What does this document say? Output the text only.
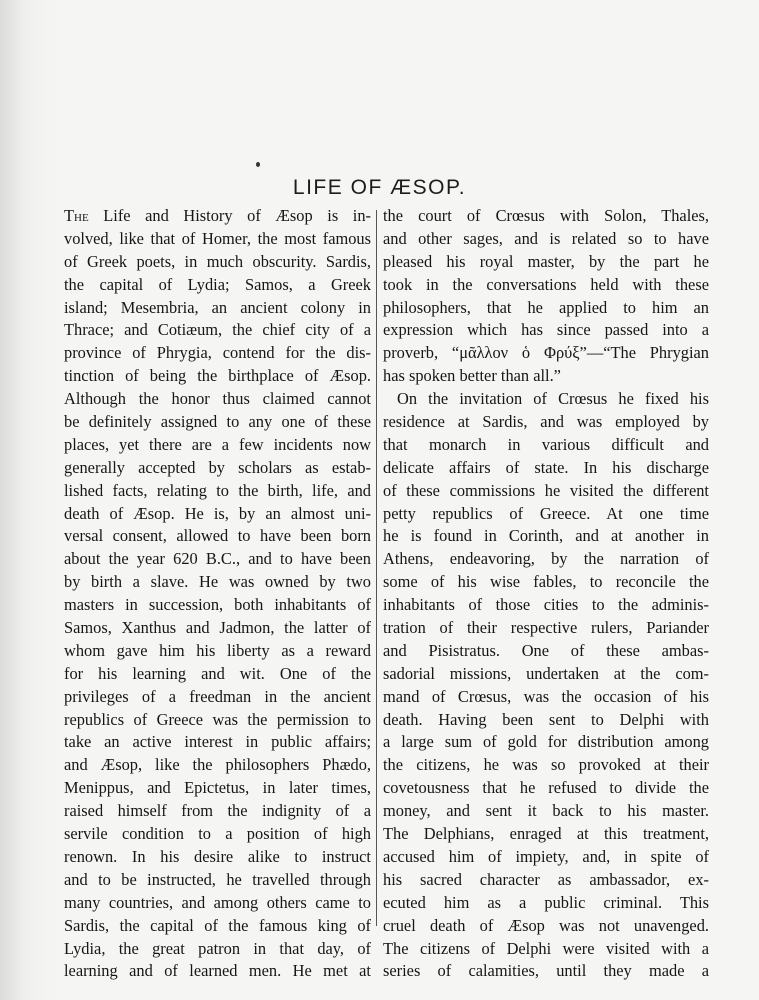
LIFE OF ÆSOP.
The Life and History of Æsop is in-
volved, like that of Homer, the most famous
of Greek poets, in much obscurity. Sardis,
the capital of Lydia; Samos, a Greek
island; Mesembria, an ancient colony in
Thrace; and Cotiæum, the chief city of a
province of Phrygia, contend for the dis-
tinction of being the birthplace of Æsop.
Although the honor thus claimed cannot
be definitely assigned to any one of these
places, yet there are a few incidents now
generally accepted by scholars as estab-
lished facts, relating to the birth, life, and
death of Æsop. He is, by an almost uni-
versal consent, allowed to have been born
about the year 620 B.C., and to have been
by birth a slave. He was owned by two
masters in succession, both inhabitants of
Samos, Xanthus and Jadmon, the latter of
whom gave him his liberty as a reward
for his learning and wit. One of the
privileges of a freedman in the ancient
republics of Greece was the permission to
take an active interest in public affairs;
and Æsop, like the philosophers Phædo,
Menippus, and Epictetus, in later times,
raised himself from the indignity of a
servile condition to a position of high
renown. In his desire alike to instruct
and to be instructed, he travelled through
many countries, and among others came to
Sardis, the capital of the famous king of
Lydia, the great patron in that day, of
learning and of learned men. He met at
the court of Crœsus with Solon, Thales,
and other sages, and is related so to have
pleased his royal master, by the part he
took in the conversations held with these
philosophers, that he applied to him an
expression which has since passed into a
proverb, “μᾶλλον ὁ Φρύξ”—“The Phrygian
has spoken better than all.”
On the invitation of Crœsus he fixed his
residence at Sardis, and was employed by
that monarch in various difficult and
delicate affairs of state. In his discharge
of these commissions he visited the different
petty republics of Greece. At one time
he is found in Corinth, and at another in
Athens, endeavoring, by the narration of
some of his wise fables, to reconcile the
inhabitants of those cities to the adminis-
tration of their respective rulers, Pariander
and Pisistratus. One of these ambas-
sadorial missions, undertaken at the com-
mand of Crœsus, was the occasion of his
death. Having been sent to Delphi with
a large sum of gold for distribution among
the citizens, he was so provoked at their
covetousness that he refused to divide the
money, and sent it back to his master.
The Delphians, enraged at this treatment,
accused him of impiety, and, in spite of
his sacred character as ambassador, ex-
ecuted him as a public criminal. This
cruel death of Æsop was not unavenged.
The citizens of Delphi were visited with a
series of calamities, until they made a
